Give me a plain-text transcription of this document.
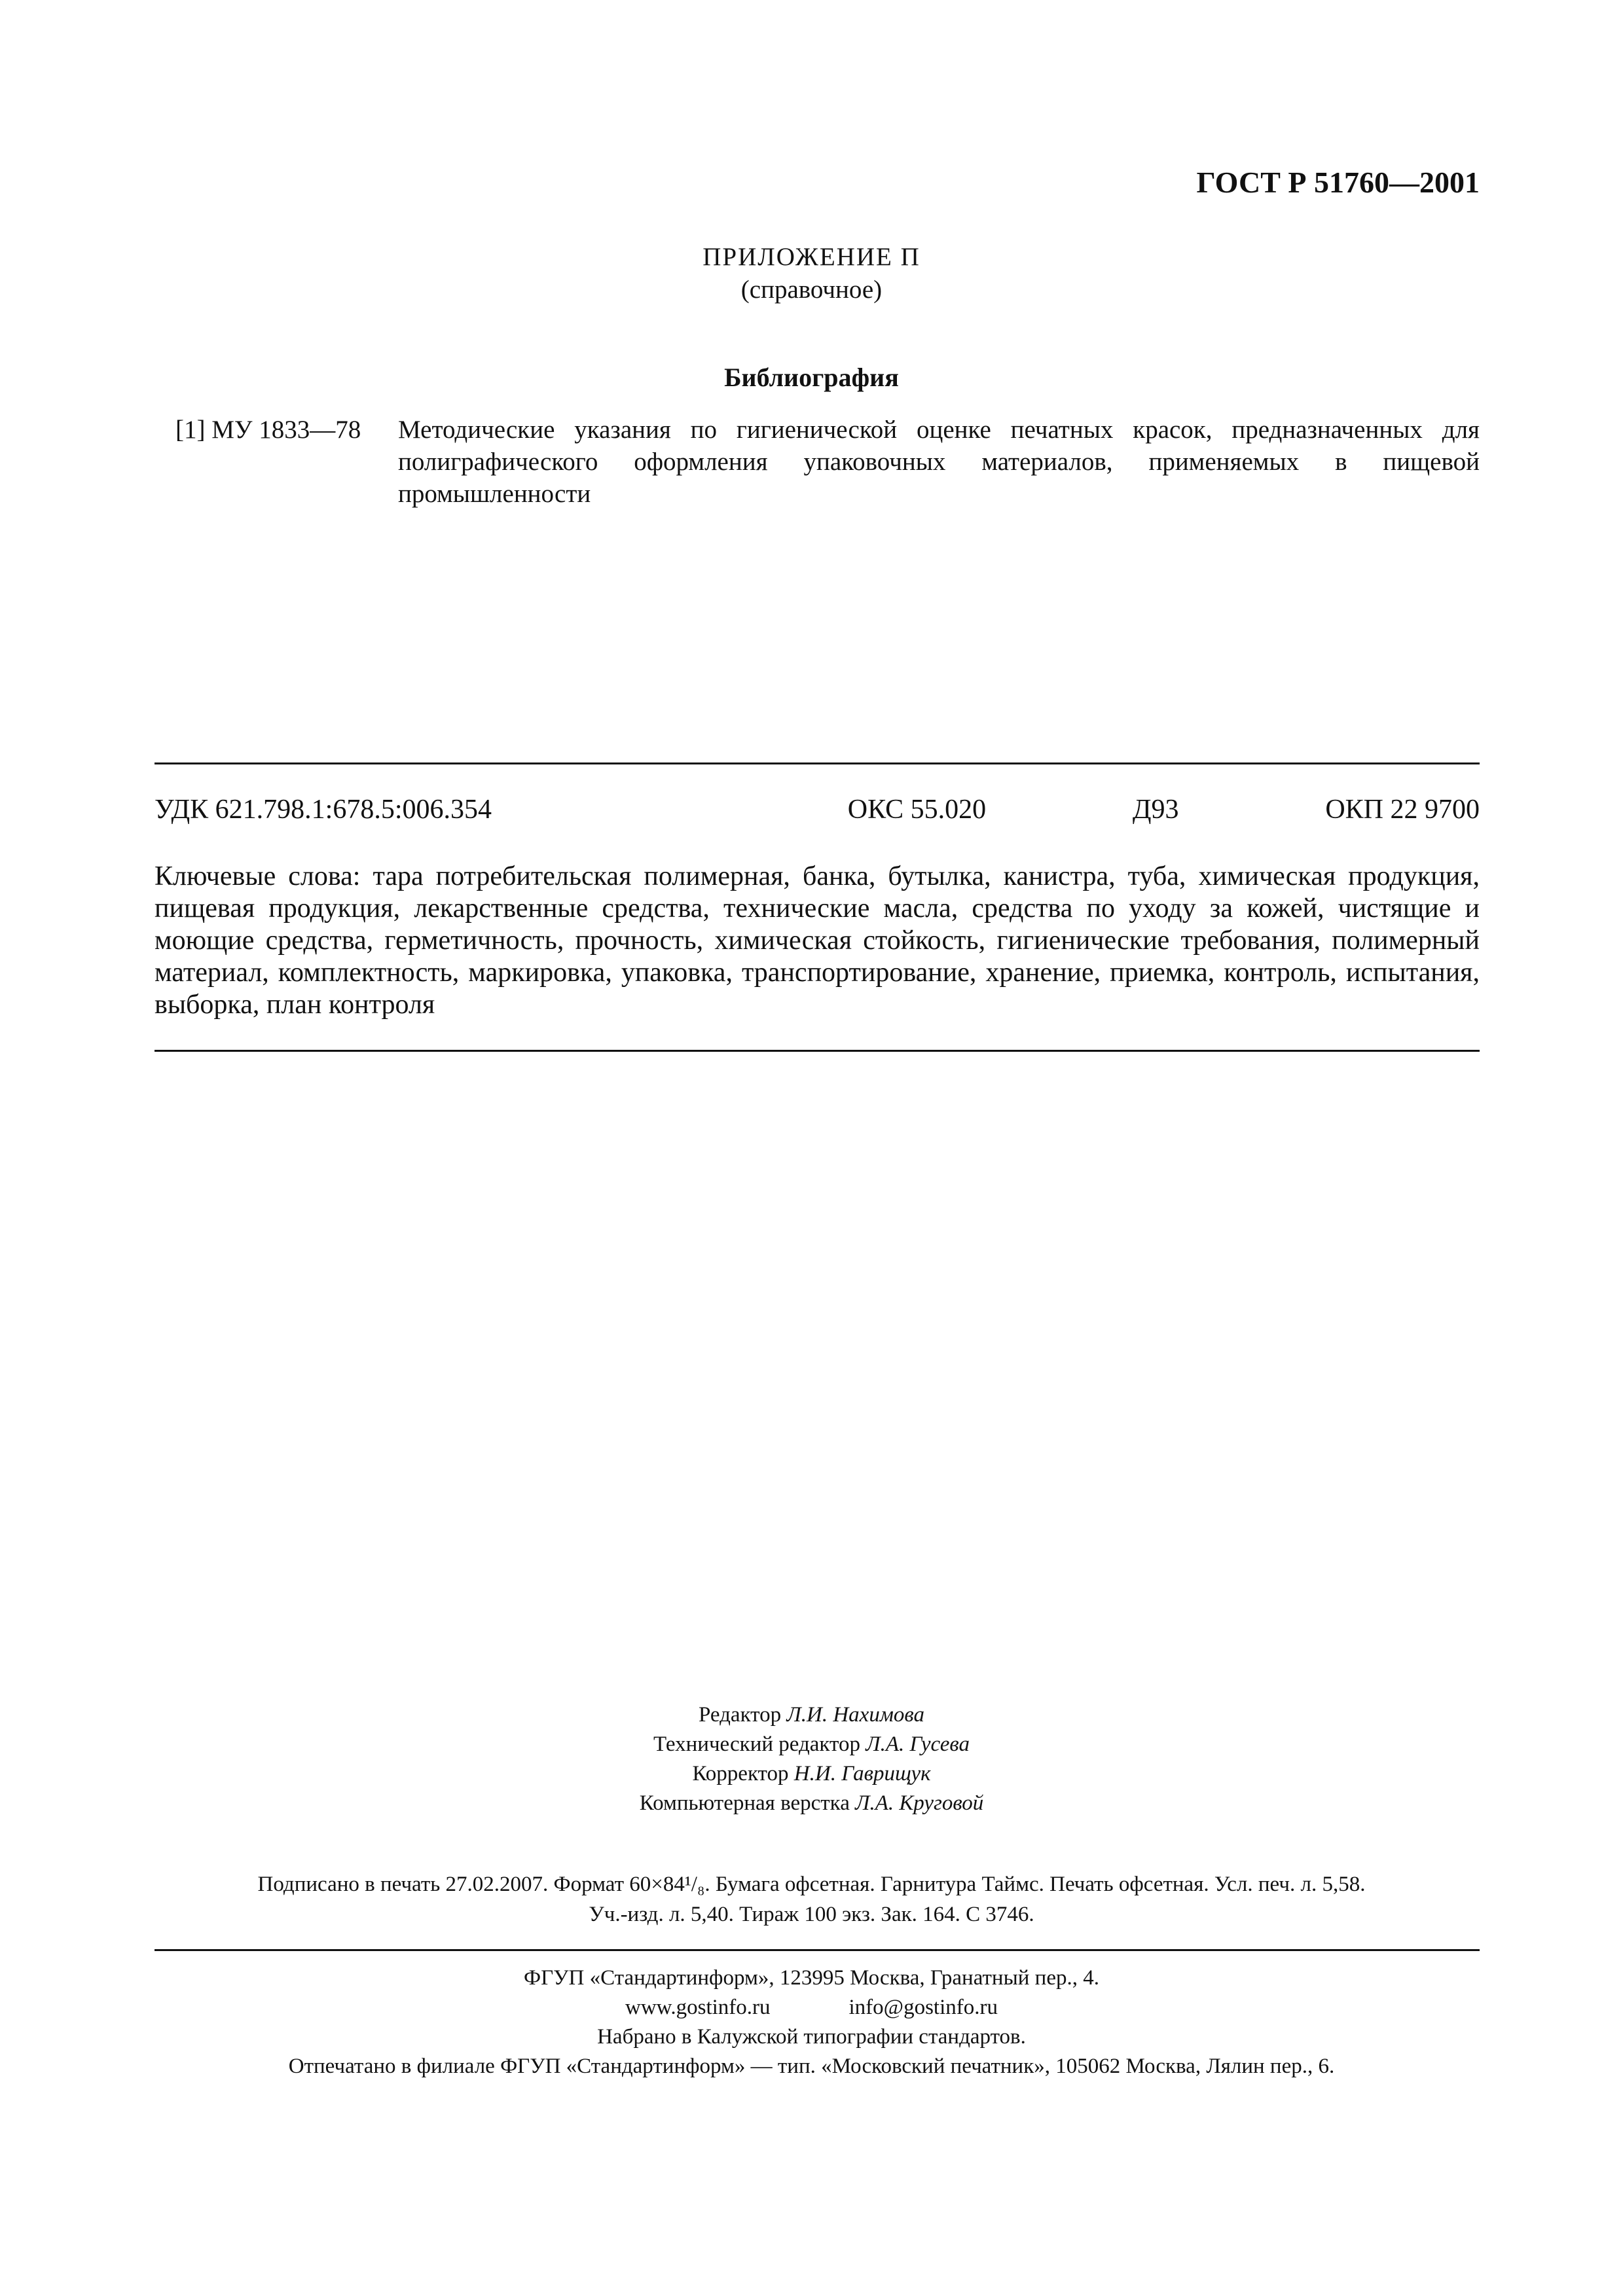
ГОСТ Р 51760—2001
ПРИЛОЖЕНИЕ П
(справочное)
Библиография
[1] МУ 1833—78 Методические указания по гигиенической оценке печатных красок, предназначенных для полиграфического оформления упаковочных материалов, применяемых в пищевой промышленности
УДК 621.798.1:678.5:006.354	ОКС 55.020	Д93	ОКП 22 9700
Ключевые слова: тара потребительская полимерная, банка, бутылка, канистра, туба, химическая продукция, пищевая продукция, лекарственные средства, технические масла, средства по уходу за кожей, чистящие и моющие средства, герметичность, прочность, химическая стойкость, гигиенические требования, полимерный материал, комплектность, маркировка, упаковка, транспортирование, хранение, приемка, контроль, испытания, выборка, план контроля
Редактор Л.И. Нахимова
Технический редактор Л.А. Гусева
Корректор Н.И. Гаврищук
Компьютерная верстка Л.А. Круговой
Подписано в печать 27.02.2007. Формат 60×84¹/₈. Бумага офсетная. Гарнитура Таймс. Печать офсетная. Усл. печ. л. 5,58.
Уч.-изд. л. 5,40. Тираж 100 экз. Зак. 164. С 3746.
ФГУП «Стандартинформ», 123995 Москва, Гранатный пер., 4.
www.gostinfo.ru	info@gostinfo.ru
Набрано в Калужской типографии стандартов.
Отпечатано в филиале ФГУП «Стандартинформ» — тип. «Московский печатник», 105062 Москва, Лялин пер., 6.
